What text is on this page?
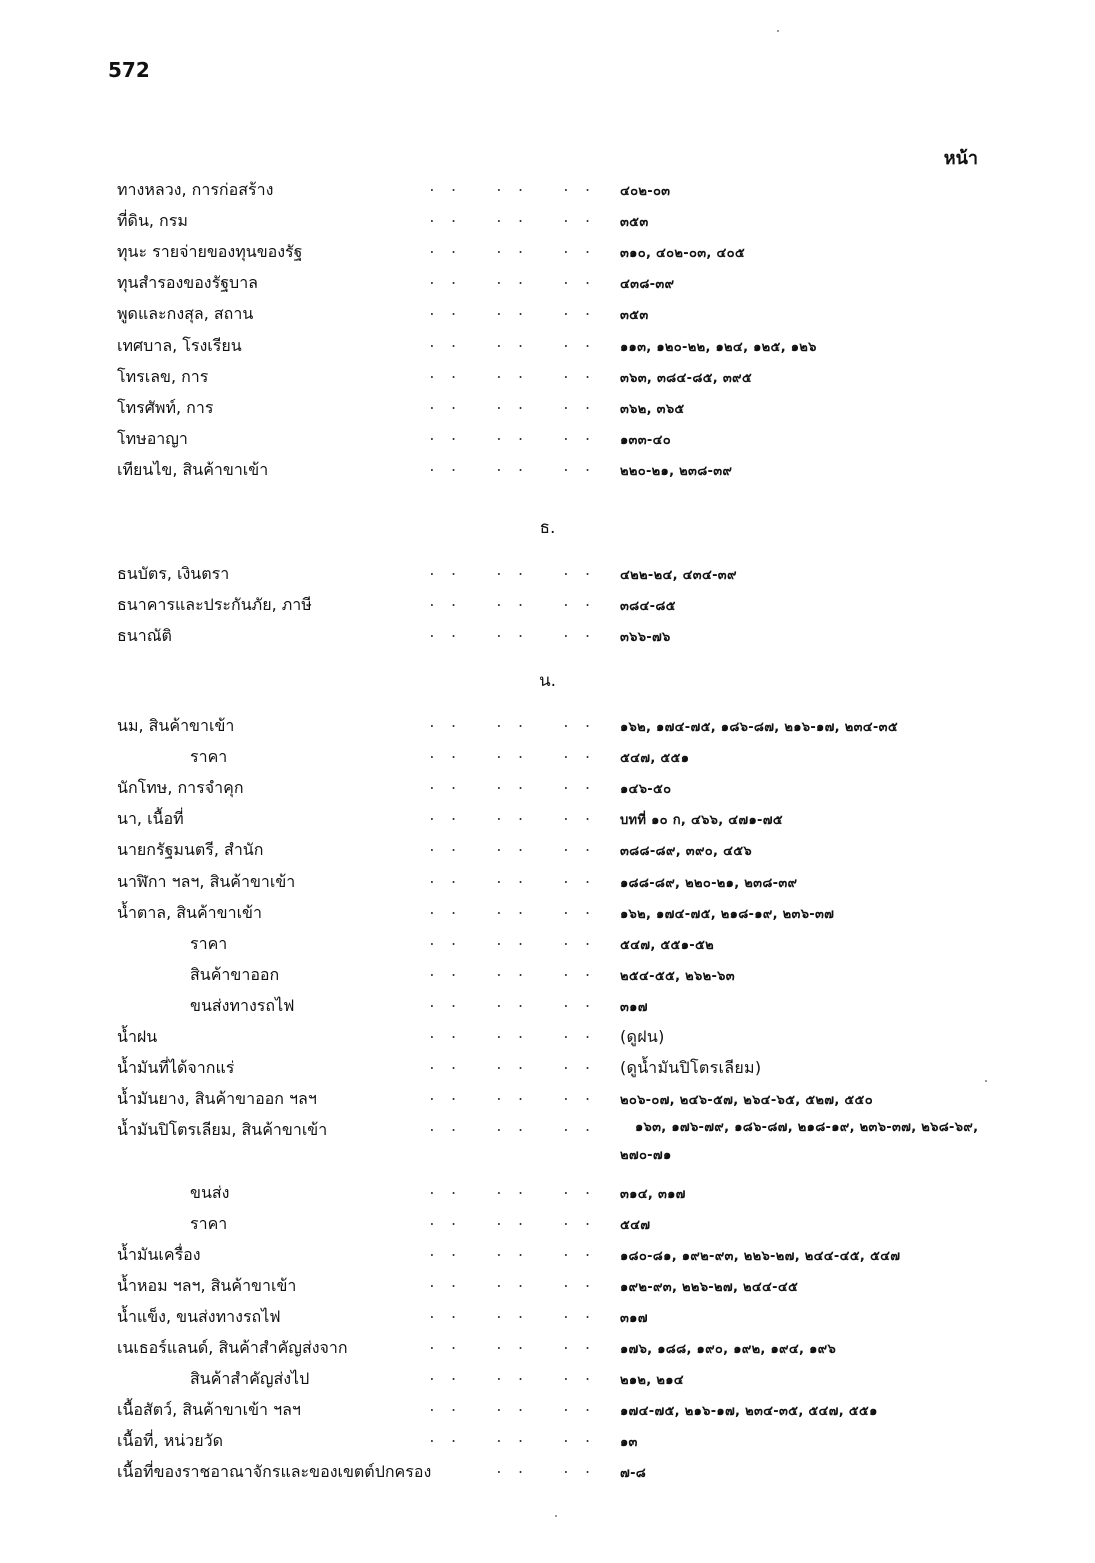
572
หน้า
ทางหลวง, การก่อสร้าง	. .	. .	. . ๔๐๒-๐๓
ที่ดิน, กรม	. .	. .	. . ๓๕๓
ทุนะ รายจ่ายของทุนของรัฐ	. .	. .	. . ๓๑๐, ๔๐๒-๐๓, ๔๐๕
ทุนสำรองของรัฐบาล	. .	. .	. . ๔๓๘-๓๙
พูดและกงสุล, สถาน	. .	. .	. . ๓๕๓
เทศบาล, โรงเรียน	. .	. .	. . ๑๑๓, ๑๒๐-๒๒, ๑๒๔, ๑๒๕, ๑๒๖
โทรเลข, การ	. .	. .	. . ๓๖๓, ๓๘๔-๘๕, ๓๙๕
โทรศัพท์, การ	. .	. .	. . ๓๖๒, ๓๖๕
โทษอาญา	. .	. .	. . ๑๓๓-๔๐
เทียนไข, สินค้าขาเข้า	. .	. .	. . ๒๒๐-๒๑, ๒๓๘-๓๙
ธ.
ธนบัตร, เงินตรา	. .	. .	. . ๔๒๒-๒๔, ๔๓๔-๓๙
ธนาคารและประกันภัย, ภาษี	. .	. .	. . ๓๘๔-๘๕
ธนาณัติ	. .	. .	. . ๓๖๖-๗๖
น.
นม, สินค้าขาเข้า	. .	. .	. . ๑๖๒, ๑๗๔-๗๕, ๑๘๖-๘๗, ๒๑๖-๑๗, ๒๓๔-๓๕
ราคา	. .	. .	. . ๕๔๗, ๕๕๑
นักโทษ, การจำคุก	. .	. .	. . ๑๔๖-๕๐
นา, เนื้อที่	. .	. .	. . บทที่ ๑๐ ก, ๔๖๖, ๔๗๑-๗๕
นายกรัฐมนตรี, สำนัก	. .	. .	. . ๓๘๘-๘๙, ๓๙๐, ๔๕๖
นาฬิกา ฯลฯ, สินค้าขาเข้า	. .	. .	. . ๑๘๘-๘๙, ๒๒๐-๒๑, ๒๓๘-๓๙
น้ำตาล, สินค้าขาเข้า	. .	. .	. . ๑๖๒, ๑๗๔-๗๕, ๒๑๘-๑๙, ๒๓๖-๓๗
ราคา	. .	. .	. . ๕๔๗, ๕๕๑-๕๒
สินค้าขาออก	. .	. .	. . ๒๕๔-๕๕, ๒๖๒-๖๓
ขนส่งทางรถไฟ	. .	. .	. . ๓๑๗
น้ำฝน	. .	. .	. . (ดูฝน)
น้ำมันที่ได้จากแร่	. .	. .	. . (ดูน้ำมันปิโตรเลียม)
น้ำมันยาง, สินค้าขาออก ฯลฯ	. .	. .	. . ๒๐๖-๐๗, ๒๔๖-๕๗, ๒๖๔-๖๕, ๕๒๗, ๕๕๐
น้ำมันปิโตรเลียม, สินค้าขาเข้า	. .	. .	. .	๑๖๓, ๑๗๖-๗๙, ๑๘๖-๘๗, ๒๑๘-๑๙, ๒๓๖-๓๗, ๒๖๘-๖๙, ๒๗๐-๗๑
ขนส่ง	. .	. .	. . ๓๑๔, ๓๑๗
ราคา	. .	. .	. . ๕๔๗
น้ำมันเครื่อง	. .	. .	. . ๑๘๐-๘๑, ๑๙๒-๙๓, ๒๒๖-๒๗, ๒๔๔-๔๕, ๕๔๗
น้ำหอม ฯลฯ, สินค้าขาเข้า	. .	. .	. . ๑๙๒-๙๓, ๒๒๖-๒๗, ๒๔๔-๔๕
น้ำแข็ง, ขนส่งทางรถไฟ	. .	. .	. . ๓๑๗
เนเธอร์แลนด์, สินค้าสำคัญส่งจาก	. .	. .	. . ๑๗๖, ๑๘๘, ๑๙๐, ๑๙๒, ๑๙๔, ๑๙๖
สินค้าสำคัญส่งไป	. .	. .	. . ๒๑๒, ๒๑๔
เนื้อสัตว์, สินค้าขาเข้า ฯลฯ	. .	. .	. . ๑๗๔-๗๕, ๒๑๖-๑๗, ๒๓๔-๓๕, ๕๔๗, ๕๕๑
เนื้อที่, หน่วยวัด	. .	. .	. . ๑๓
เนื้อที่ของราชอาณาจักรและของเขตต์ปกครอง	. .	. . ๗-๘
